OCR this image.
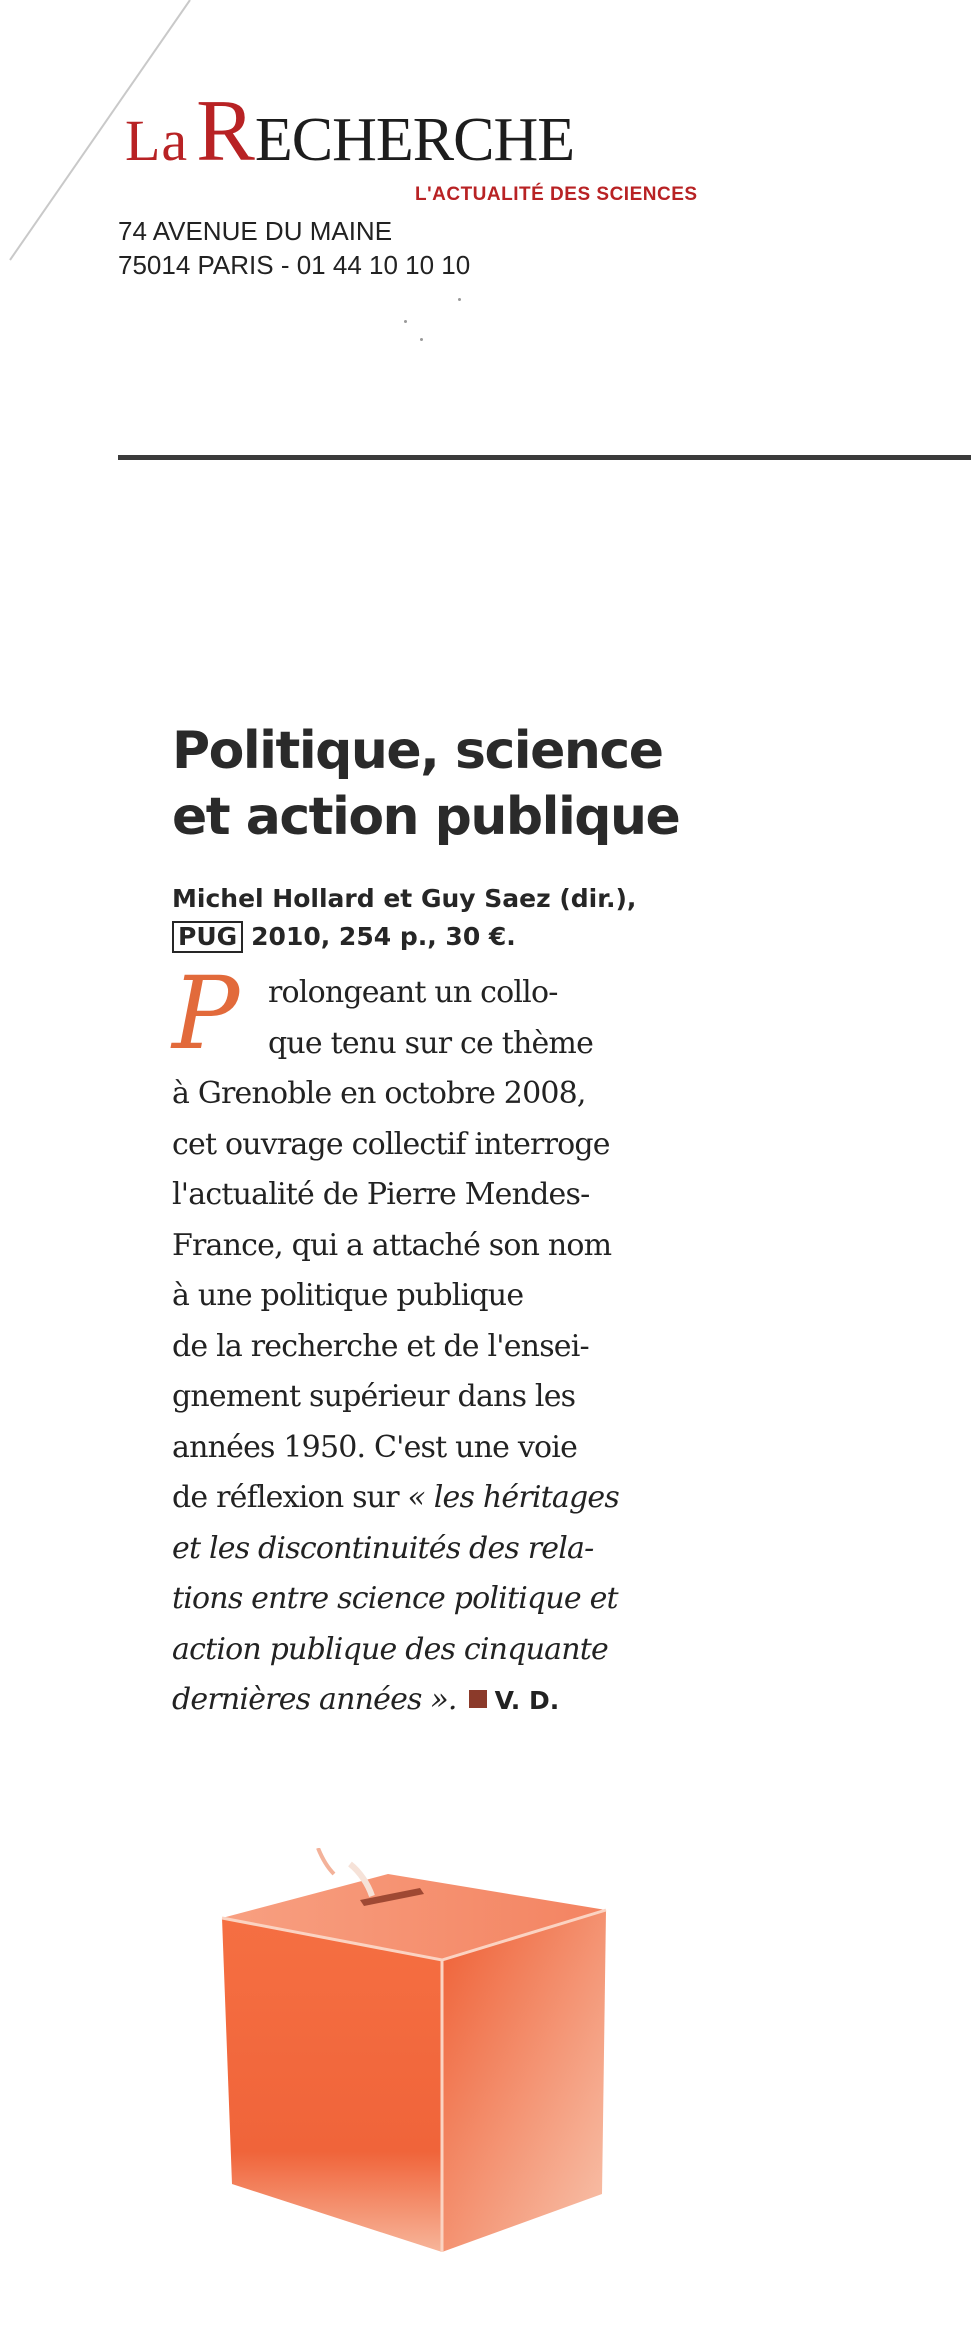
LaRECHERCHE
L'ACTUALITÉ DES SCIENCES
74 AVENUE DU MAINE
75014 PARIS - 01 44 10 10 10
Politique, science
et action publique
Michel Hollard et Guy Saez (dir.),
PUG 2010, 254 p., 30 €.
P rolongeant un collo-
que tenu sur ce thème
à Grenoble en octobre 2008,
cet ouvrage collectif interroge
l'actualité de Pierre Mendes-
France, qui a attaché son nom
à une politique publique
de la recherche et de l'ensei-
gnement supérieur dans les
années 1950. C'est une voie
de réflexion sur « les héritages
et les discontinuités des rela-
tions entre science politique et
action publique des cinquante
dernières années ». V. D.
